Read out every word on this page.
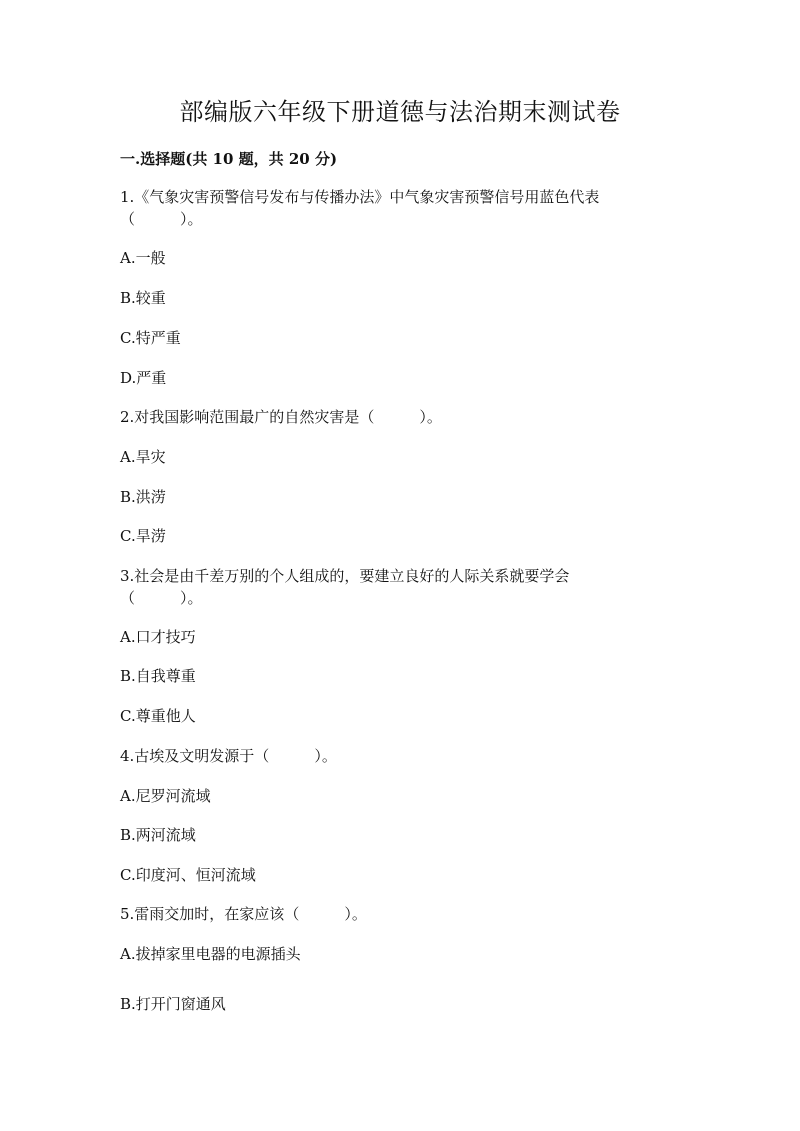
部编版六年级下册道德与法治期末测试卷

一.选择题(共 10 题，共 20 分)

1.《气象灾害预警信号发布与传播办法》中气象灾害预警信号用蓝色代表

（　　　）。

A.一般

B.较重

C.特严重

D.严重

2.对我国影响范围最广的自然灾害是（　　　）。

A.旱灾

B.洪涝

C.旱涝

3.社会是由千差万别的个人组成的，要建立良好的人际关系就要学会

（　　　）。

A.口才技巧

B.自我尊重

C.尊重他人

4.古埃及文明发源于（　　　）。

A.尼罗河流域

B.两河流域

C.印度河、恒河流域

5.雷雨交加时，在家应该（　　　）。

A.拔掉家里电器的电源插头

B.打开门窗通风
